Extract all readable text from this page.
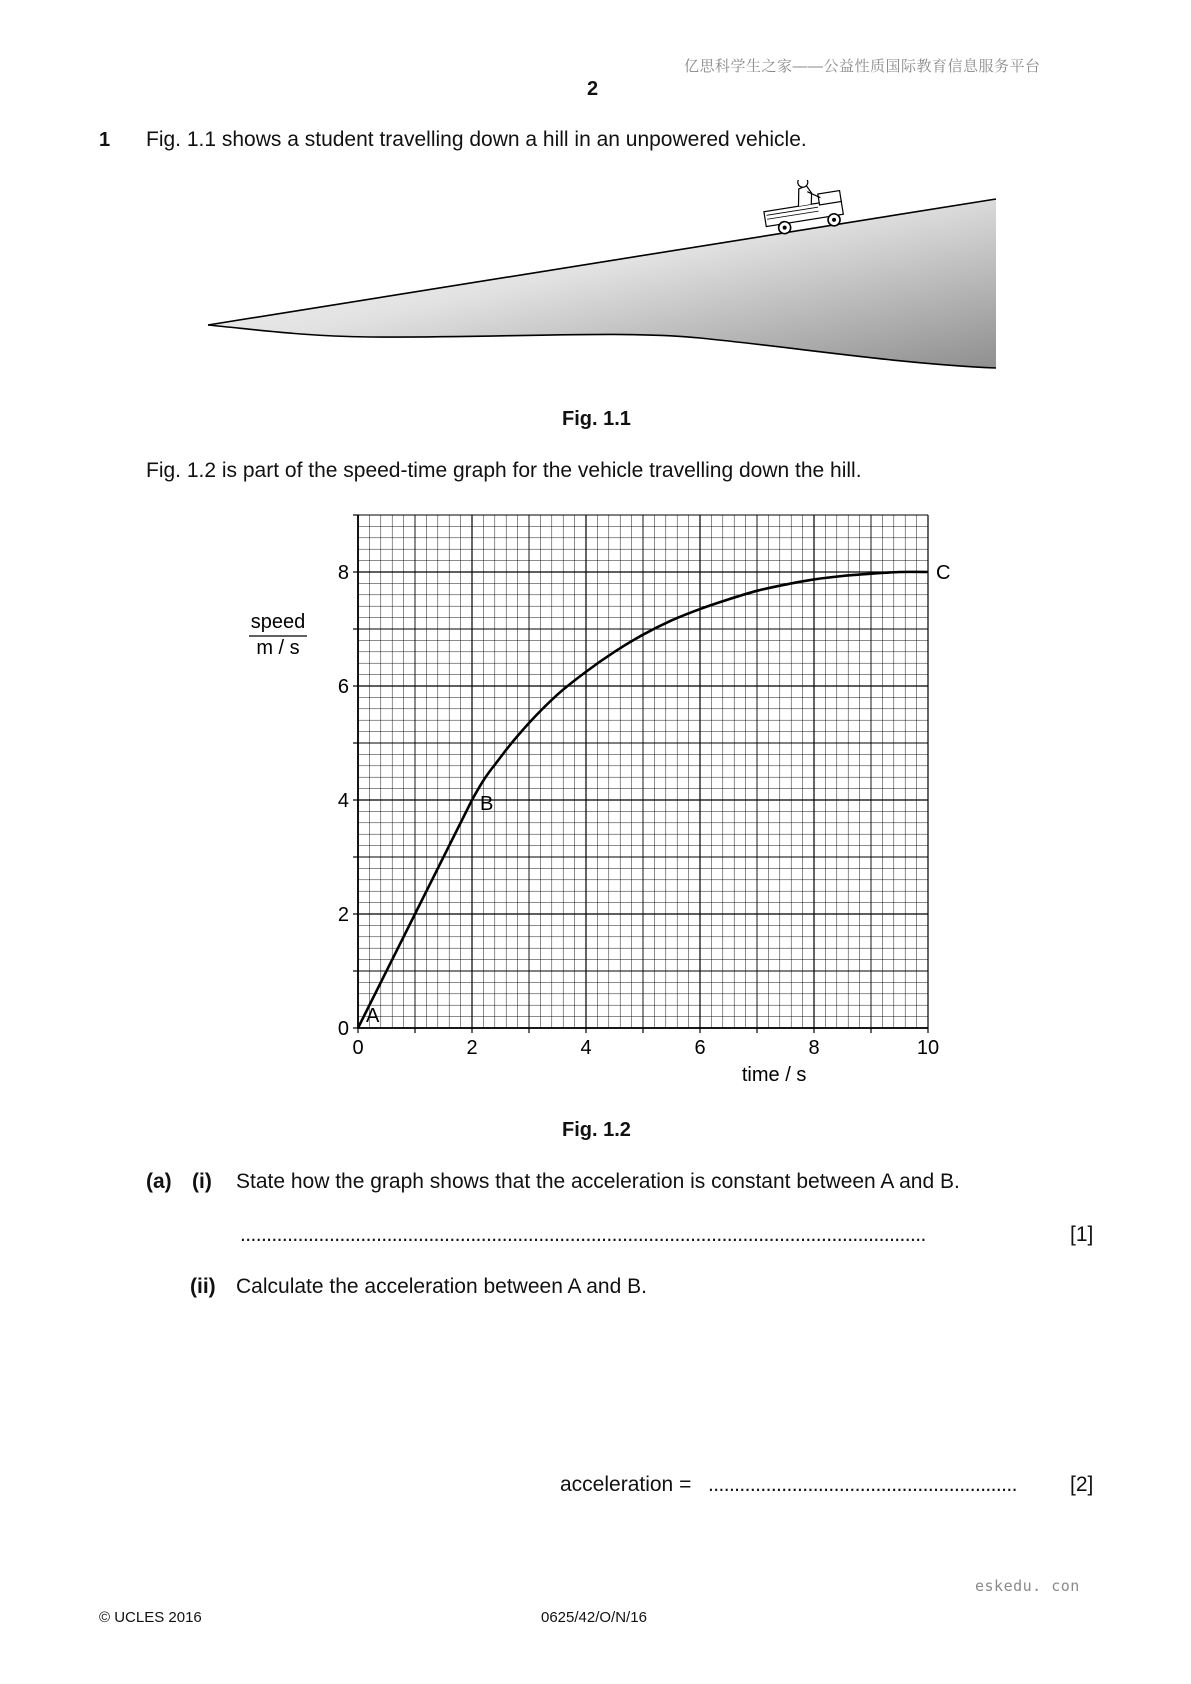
亿思科学生之家——公益性质国际教育信息服务平台
2
1 Fig. 1.1 shows a student travelling down a hill in an unpowered vehicle.
Fig. 1.1
Fig. 1.2 is part of the speed-time graph for the vehicle travelling down the hill.
0	2	4	6	8	10
0
2
4
6
8
time / s
speed
m / s
A
B
C
Fig. 1.2
(a) (i) State how the graph shows that the acceleration is constant between A and B.
...................................................................................................................................	[1]
(ii) Calculate the acceleration between A and B.
acceleration = ...........................................................	[2]
eskedu. con
© UCLES 2016	0625/42/O/N/16
